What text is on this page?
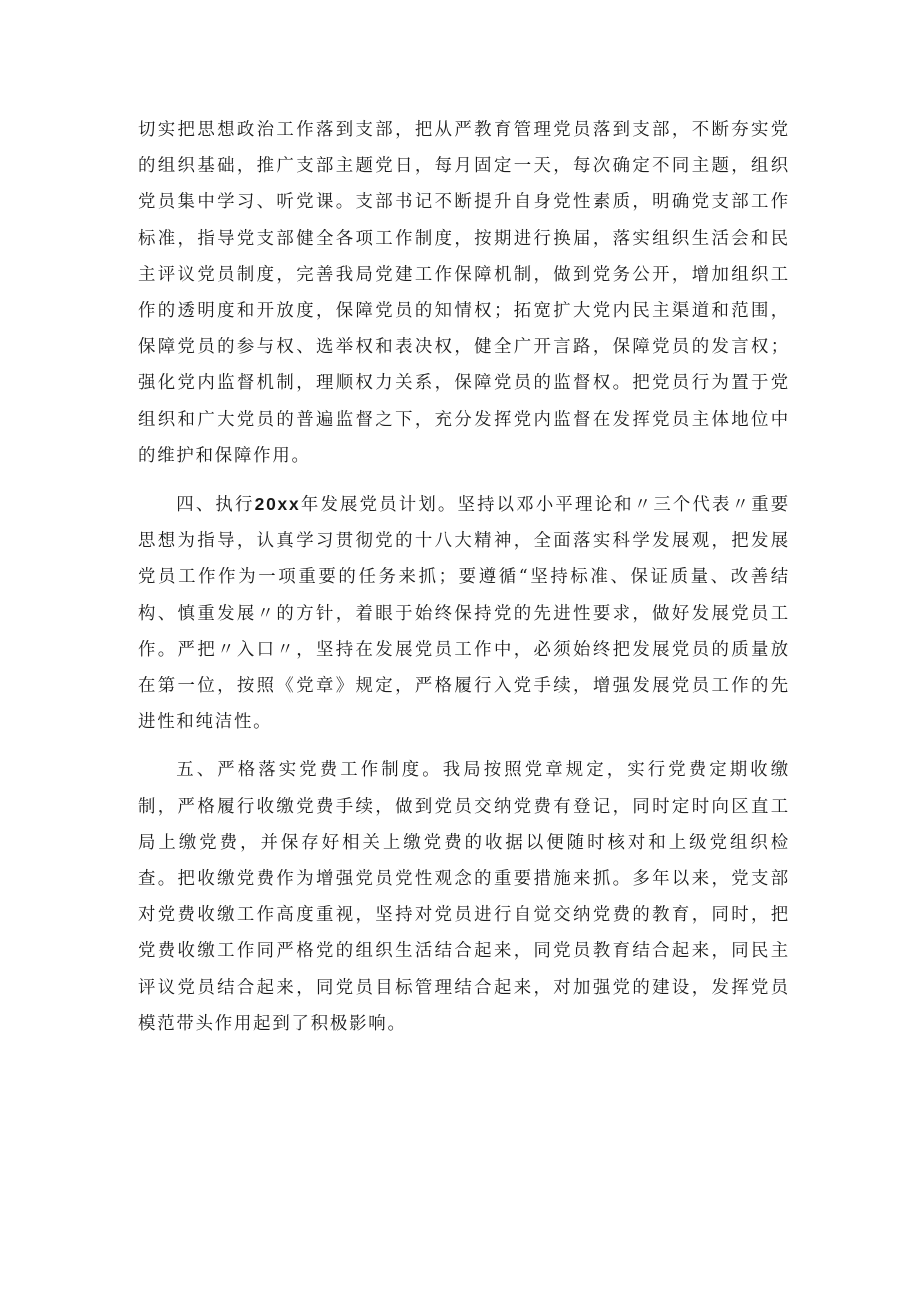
切实把思想政治工作落到支部，把从严教育管理党员落到支部，不断夯实党的组织基础，推广支部主题党日，每月固定一天，每次确定不同主题，组织党员集中学习、听党课。支部书记不断提升自身党性素质，明确党支部工作标准，指导党支部健全各项工作制度，按期进行换届，落实组织生活会和民主评议党员制度，完善我局党建工作保障机制，做到党务公开，增加组织工作的透明度和开放度，保障党员的知情权；拓宽扩大党内民主渠道和范围，保障党员的参与权、选举权和表决权，健全广开言路，保障党员的发言权；强化党内监督机制，理顺权力关系，保障党员的监督权。把党员行为置于党组织和广大党员的普遍监督之下，充分发挥党内监督在发挥党员主体地位中的维护和保障作用。

四、执行20xx年发展党员计划。坚持以邓小平理论和〃三个代表〃重要思想为指导，认真学习贯彻党的十八大精神，全面落实科学发展观，把发展党员工作作为一项重要的任务来抓；要遵循“坚持标准、保证质量、改善结构、慎重发展〃的方针，着眼于始终保持党的先进性要求，做好发展党员工作。严把〃入口〃，坚持在发展党员工作中，必须始终把发展党员的质量放在第一位，按照《党章》规定，严格履行入党手续，增强发展党员工作的先进性和纯洁性。

五、严格落实党费工作制度。我局按照党章规定，实行党费定期收缴制，严格履行收缴党费手续，做到党员交纳党费有登记，同时定时向区直工局上缴党费，并保存好相关上缴党费的收据以便随时核对和上级党组织检查。把收缴党费作为增强党员党性观念的重要措施来抓。多年以来，党支部对党费收缴工作高度重视，坚持对党员进行自觉交纳党费的教育，同时，把党费收缴工作同严格党的组织生活结合起来，同党员教育结合起来，同民主评议党员结合起来，同党员目标管理结合起来，对加强党的建设，发挥党员模范带头作用起到了积极影响。
